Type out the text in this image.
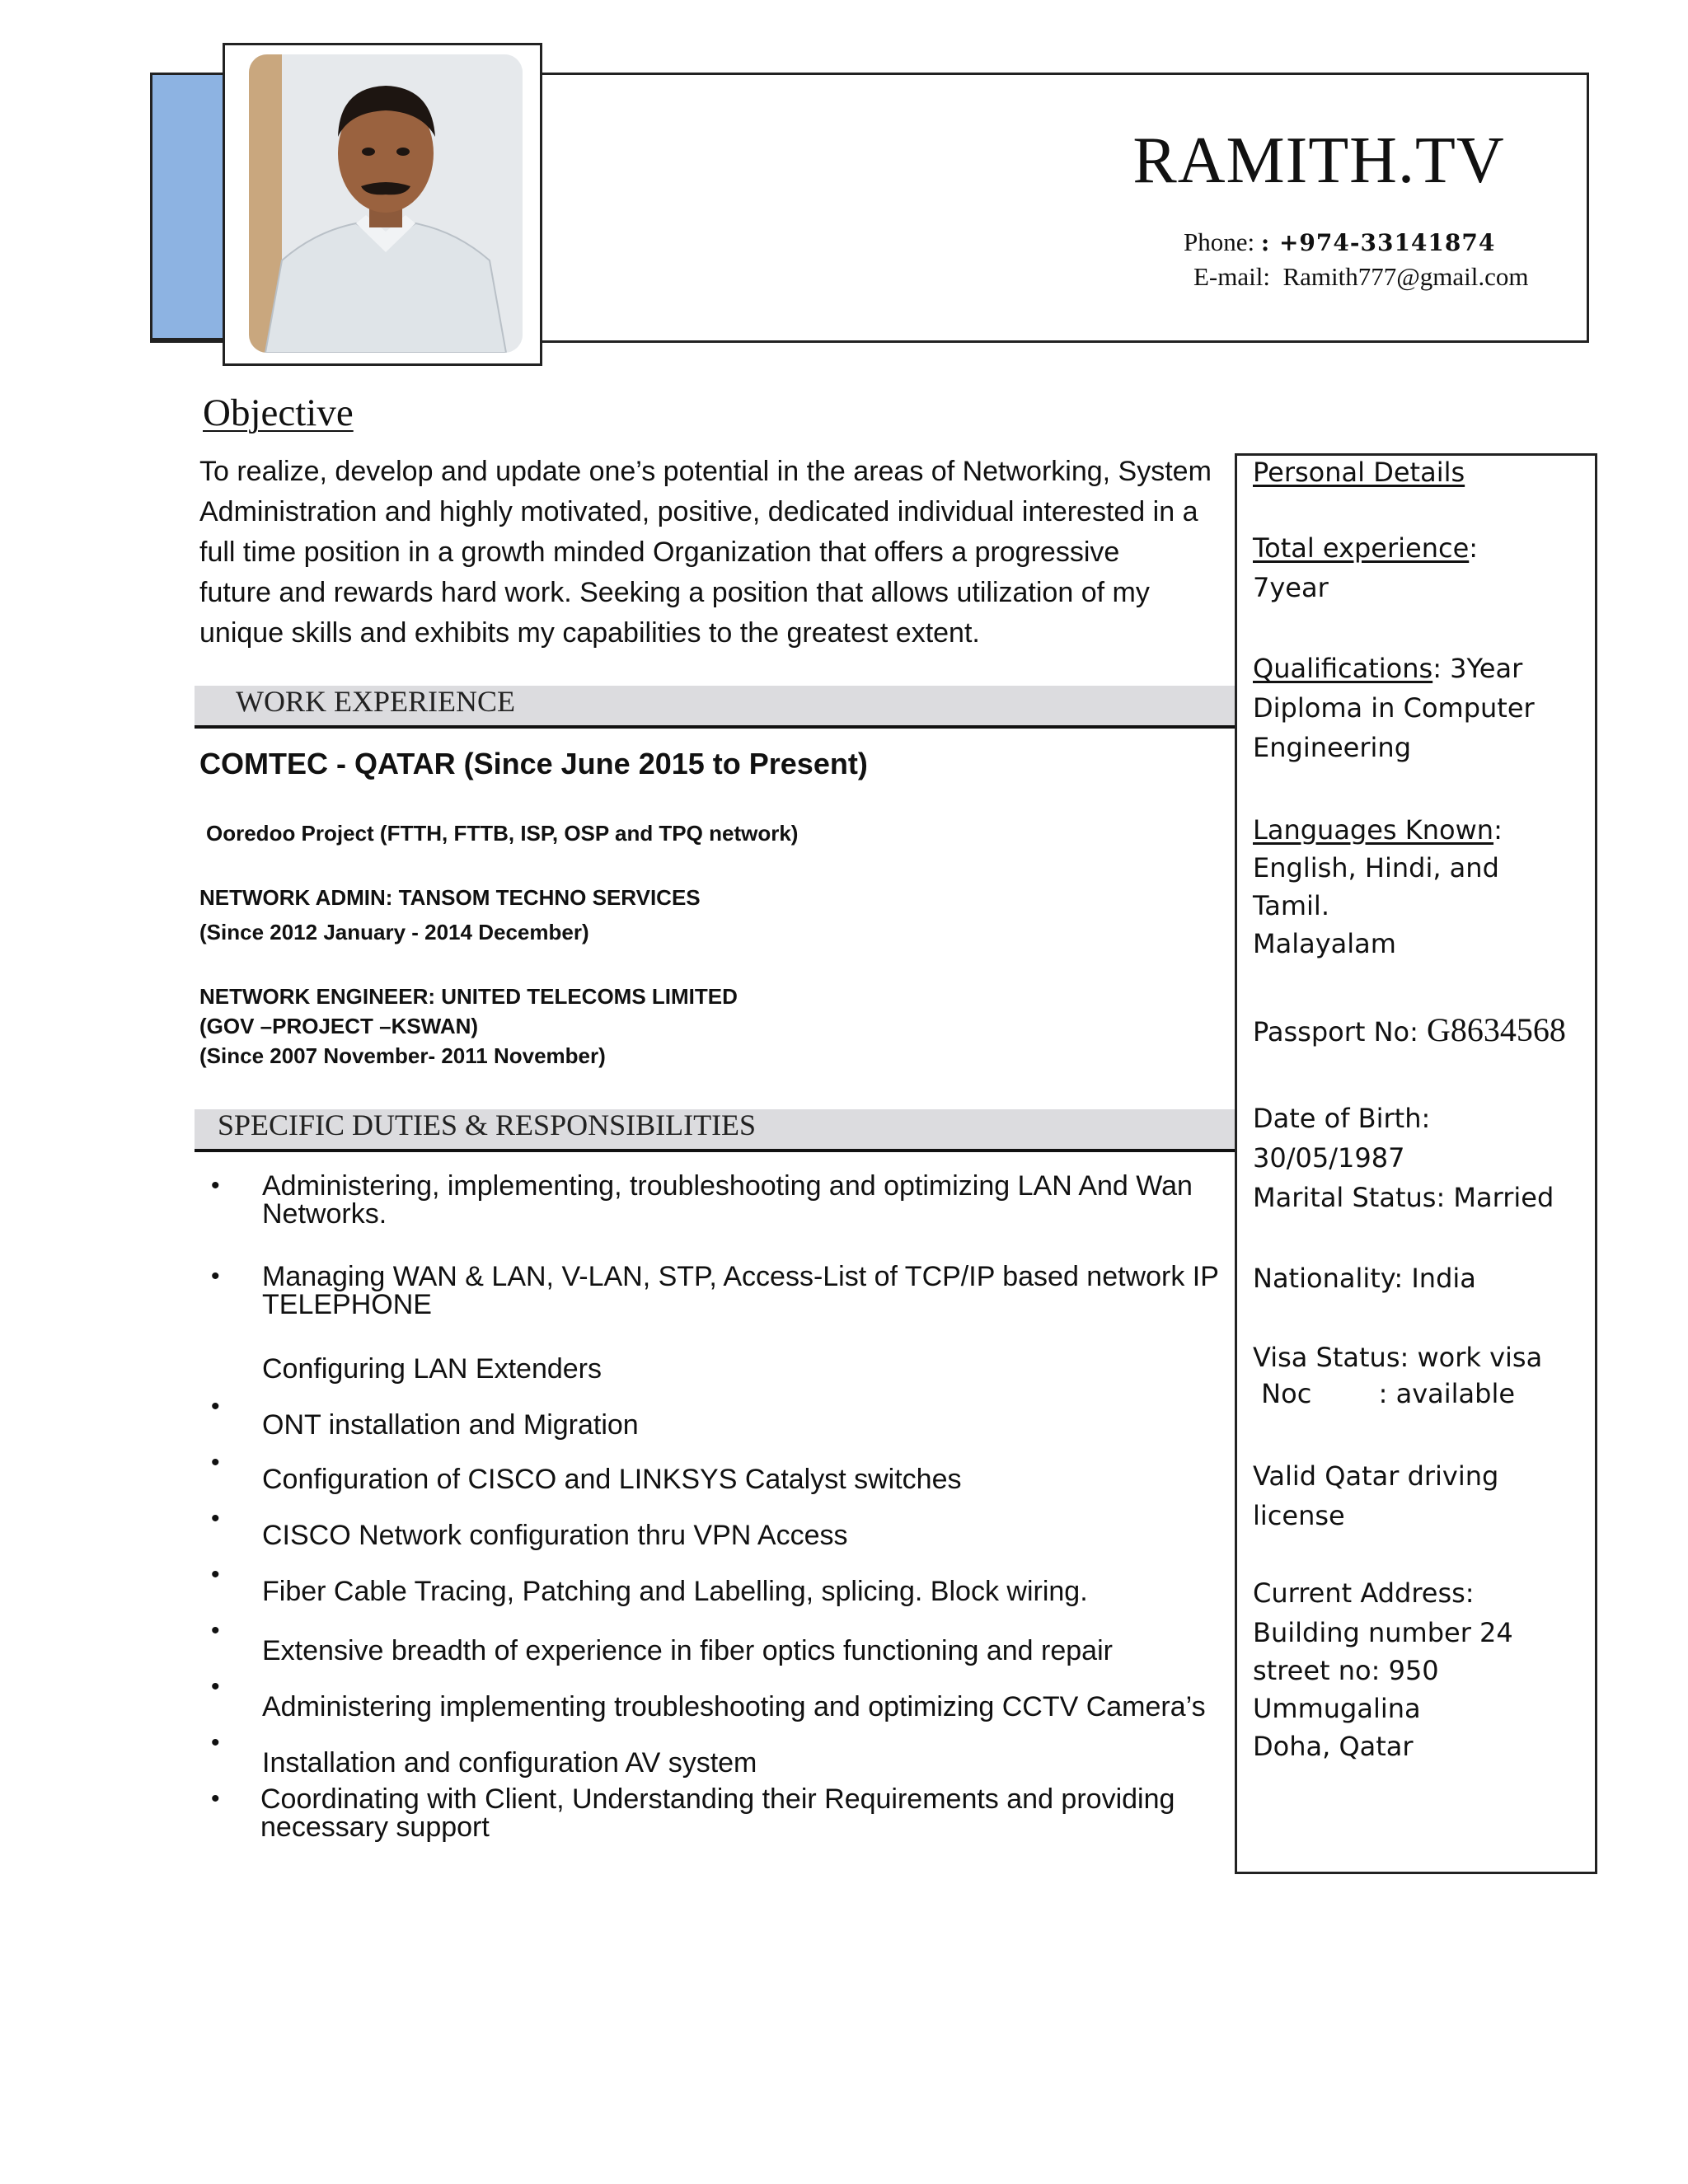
RAMITH.TV
Phone: : +974-33141874
E-mail: Ramith777@gmail.com
Objective
To realize, develop and update one’s potential in the areas of Networking, System
Administration and highly motivated, positive, dedicated individual interested in a
full time position in a growth minded Organization that offers a progressive
future and rewards hard work. Seeking a position that allows utilization of my
unique skills and exhibits my capabilities to the greatest extent.
WORK EXPERIENCE
COMTEC - QATAR (Since June 2015 to Present)
Ooredoo Project (FTTH, FTTB, ISP, OSP and TPQ network)
NETWORK ADMIN: TANSOM TECHNO SERVICES
(Since 2012 January - 2014 December)
NETWORK ENGINEER: UNITED TELECOMS LIMITED
(GOV –PROJECT –KSWAN)
(Since 2007 November- 2011 November)
SPECIFIC DUTIES & RESPONSIBILITIES
• Administering, implementing, troubleshooting and optimizing LAN And Wan Networks.
• Managing WAN & LAN, V-LAN, STP, Access-List of TCP/IP based network IP TELEPHONE
Configuring LAN Extenders
•
ONT installation and Migration
•
Configuration of CISCO and LINKSYS Catalyst switches
•
CISCO Network configuration thru VPN Access
•
Fiber Cable Tracing, Patching and Labelling, splicing. Block wiring.
•
Extensive breadth of experience in fiber optics functioning and repair
•
Administering implementing troubleshooting and optimizing CCTV Camera’s
•
Installation and configuration AV system
• Coordinating with Client, Understanding their Requirements and providing necessary support
Personal Details
Total experience:
7year
Qualifications: 3Year
Diploma in Computer
Engineering
Languages Known:
English, Hindi, and
Tamil.
Malayalam
Passport No: G8634568
Date of Birth:
30/05/1987
Marital Status: Married
Nationality: India
Visa Status: work visa
Noc        : available
Valid Qatar driving
license
Current Address:
Building number 24
street no: 950
Ummugalina
Doha, Qatar
